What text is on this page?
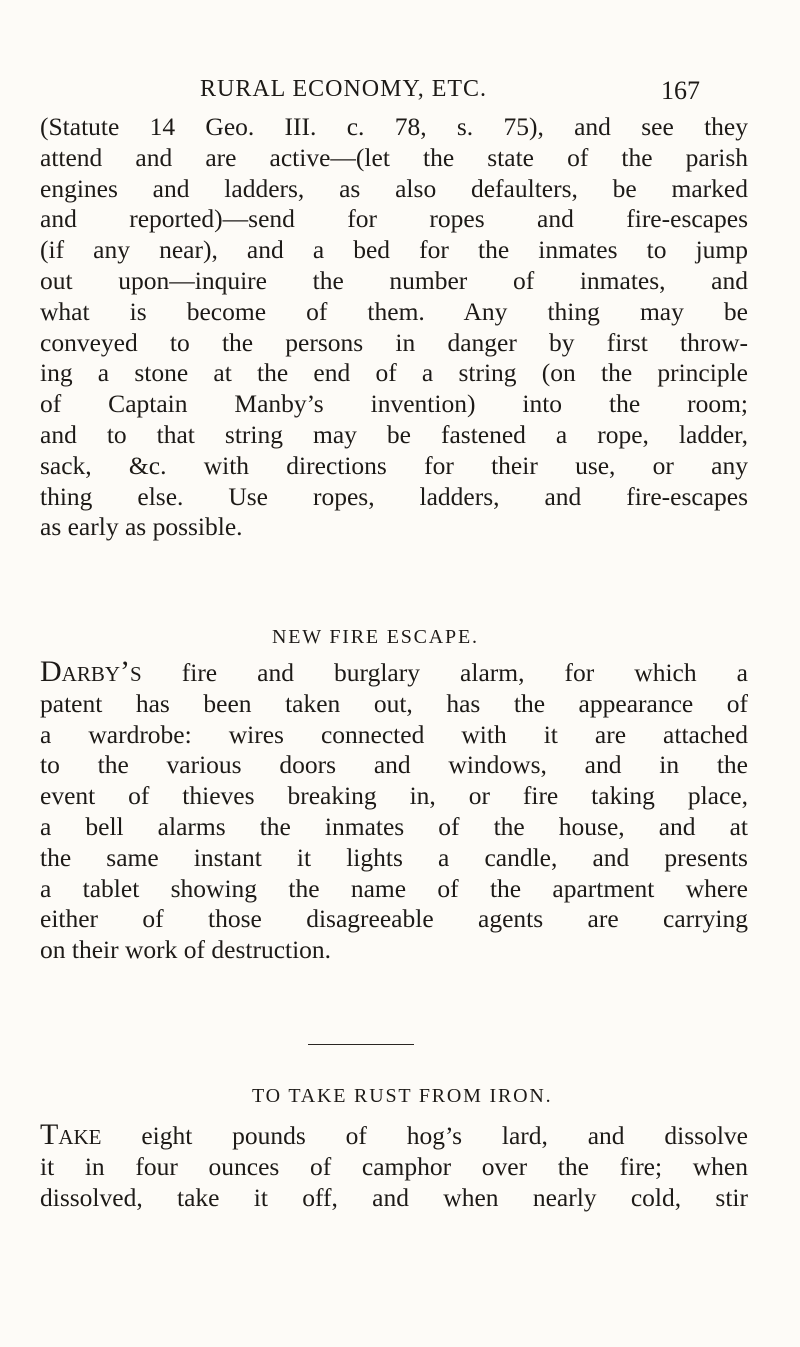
RURAL ECONOMY, ETC.	167
(Statute 14 Geo. III. c. 78, s. 75), and see they
attend and are active—(let the state of the parish
engines and ladders, as also defaulters, be marked
and reported)—send for ropes and fire-escapes
(if any near), and a bed for the inmates to jump
out upon—inquire the number of inmates, and
what is become of them. Any thing may be
conveyed to the persons in danger by first throw-
ing a stone at the end of a string (on the principle
of Captain Manby’s invention) into the room;
and to that string may be fastened a rope, ladder,
sack, &c. with directions for their use, or any
thing else. Use ropes, ladders, and fire-escapes
as early as possible.
NEW FIRE ESCAPE.
Darby’s fire and burglary alarm, for which a
patent has been taken out, has the appearance of
a wardrobe: wires connected with it are attached
to the various doors and windows, and in the
event of thieves breaking in, or fire taking place,
a bell alarms the inmates of the house, and at
the same instant it lights a candle, and presents
a tablet showing the name of the apartment where
either of those disagreeable agents are carrying
on their work of destruction.
TO TAKE RUST FROM IRON.
Take eight pounds of hog’s lard, and dissolve
it in four ounces of camphor over the fire; when
dissolved, take it off, and when nearly cold, stir
